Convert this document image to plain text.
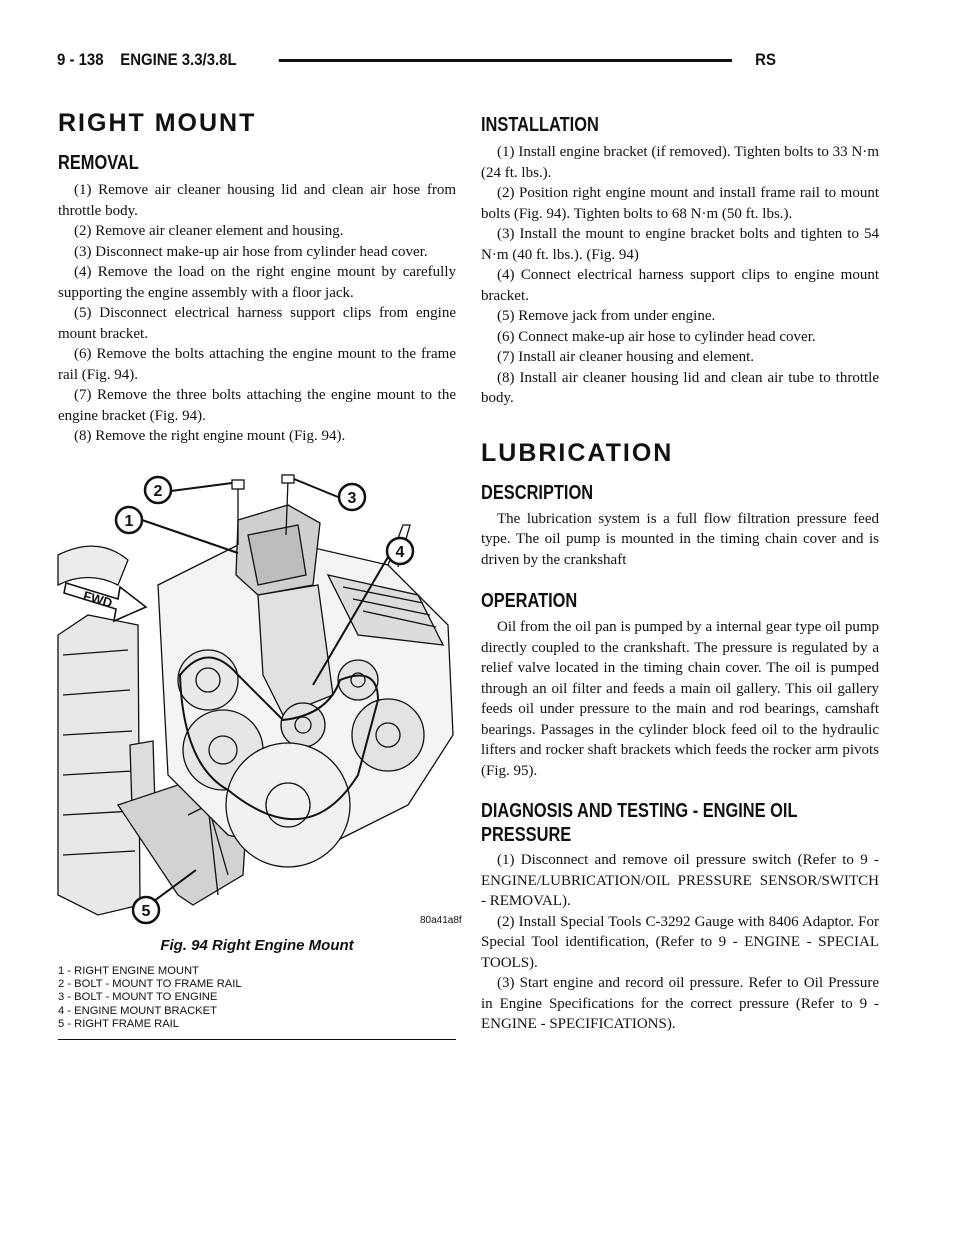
9 - 138 ENGINE 3.3/3.8L	RS
RIGHT MOUNT
REMOVAL

(1) Remove air cleaner housing lid and clean air hose from throttle body.

(2) Remove air cleaner element and housing.

(3) Disconnect make-up air hose from cylinder head cover.

(4) Remove the load on the right engine mount by carefully supporting the engine assembly with a floor jack.

(5) Disconnect electrical harness support clips from engine mount bracket.

(6) Remove the bolts attaching the engine mount to the frame rail (Fig. 94).

(7) Remove the three bolts attaching the engine mount to the engine bracket (Fig. 94).

(8) Remove the right engine mount (Fig. 94).

FWD
2	3
1
4
5
80a41a8f
Fig. 94 Right Engine Mount
1 - RIGHT ENGINE MOUNT
2 - BOLT - MOUNT TO FRAME RAIL
3 - BOLT - MOUNT TO ENGINE
4 - ENGINE MOUNT BRACKET
5 - RIGHT FRAME RAIL
INSTALLATION

(1) Install engine bracket (if removed). Tighten bolts to 33 N·m (24 ft. lbs.).

(2) Position right engine mount and install frame rail to mount bolts (Fig. 94). Tighten bolts to 68 N·m (50 ft. lbs.).

(3) Install the mount to engine bracket bolts and tighten to 54 N·m (40 ft. lbs.). (Fig. 94)

(4) Connect electrical harness support clips to engine mount bracket.

(5) Remove jack from under engine.

(6) Connect make-up air hose to cylinder head cover.

(7) Install air cleaner housing and element.

(8) Install air cleaner housing lid and clean air tube to throttle body.

LUBRICATION
DESCRIPTION

The lubrication system is a full flow filtration pressure feed type. The oil pump is mounted in the timing chain cover and is driven by the crankshaft

OPERATION

Oil from the oil pan is pumped by a internal gear type oil pump directly coupled to the crankshaft. The pressure is regulated by a relief valve located in the timing chain cover. The oil is pumped through an oil filter and feeds a main oil gallery. This oil gallery feeds oil under pressure to the main and rod bearings, camshaft bearings. Passages in the cylinder block feed oil to the hydraulic lifters and rocker shaft brackets which feeds the rocker arm pivots (Fig. 95).

DIAGNOSIS AND TESTING - ENGINE OIL
PRESSURE

(1) Disconnect and remove oil pressure switch (Refer to 9 - ENGINE/LUBRICATION/OIL PRESSURE SENSOR/SWITCH - REMOVAL).

(2) Install Special Tools C-3292 Gauge with 8406 Adaptor. For Special Tool identification, (Refer to 9 - ENGINE - SPECIAL TOOLS).

(3) Start engine and record oil pressure. Refer to Oil Pressure in Engine Specifications for the correct pressure (Refer to 9 - ENGINE - SPECIFICATIONS).
